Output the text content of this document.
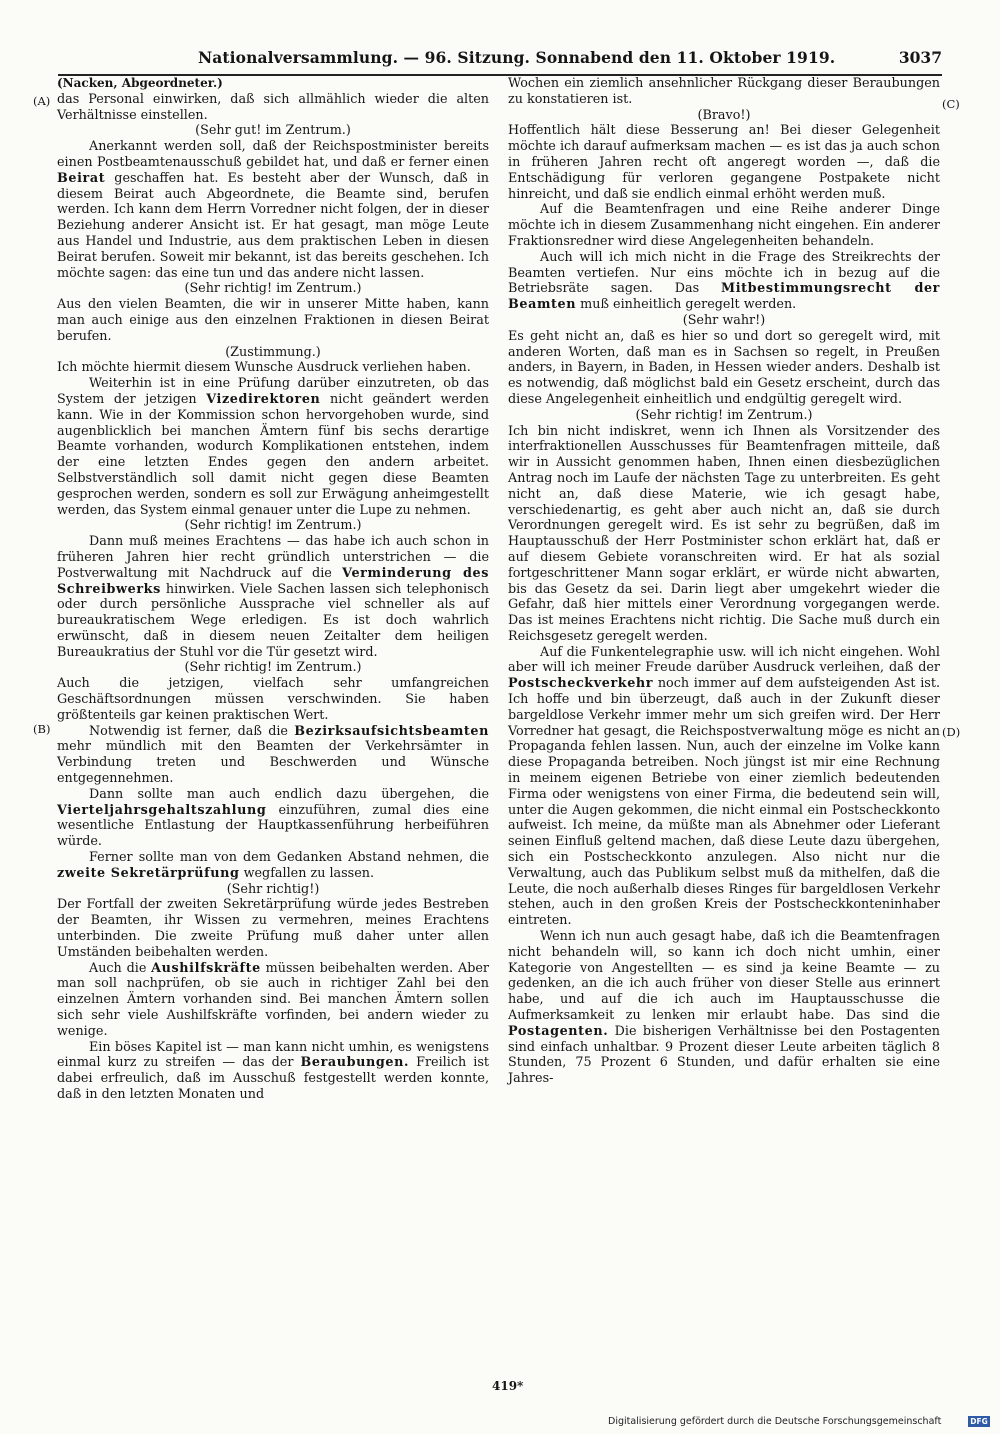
Nationalversammlung. — 96. Sitzung. Sonnabend den 11. Oktober 1919.	3037
(A)
(B)
(C)
(D)

(Nacken, Abgeordneter.)

das Personal einwirken, daß sich allmählich wieder die alten Verhältnisse einstellen.

(Sehr gut! im Zentrum.)

Anerkannt werden soll, daß der Reichspostminister bereits einen Postbeamtenausschuß gebildet hat, und daß er ferner einen Beirat geschaffen hat. Es besteht aber der Wunsch, daß in diesem Beirat auch Abgeordnete, die Beamte sind, berufen werden. Ich kann dem Herrn Vorredner nicht folgen, der in dieser Beziehung anderer Ansicht ist. Er hat gesagt, man möge Leute aus Handel und Industrie, aus dem praktischen Leben in diesen Beirat berufen. Soweit mir bekannt, ist das bereits geschehen. Ich möchte sagen: das eine tun und das andere nicht lassen.

(Sehr richtig! im Zentrum.)

Aus den vielen Beamten, die wir in unserer Mitte haben, kann man auch einige aus den einzelnen Fraktionen in diesen Beirat berufen.

(Zustimmung.)

Ich möchte hiermit diesem Wunsche Ausdruck verliehen haben.

Weiterhin ist in eine Prüfung darüber einzutreten, ob das System der jetzigen Vizedirektoren nicht geändert werden kann. Wie in der Kommission schon hervorgehoben wurde, sind augenblicklich bei manchen Ämtern fünf bis sechs derartige Beamte vorhanden, wodurch Komplikationen entstehen, indem der eine letzten Endes gegen den andern arbeitet. Selbstverständlich soll damit nicht gegen diese Beamten gesprochen werden, sondern es soll zur Erwägung anheimgestellt werden, das System einmal genauer unter die Lupe zu nehmen.

(Sehr richtig! im Zentrum.)

Dann muß meines Erachtens — das habe ich auch schon in früheren Jahren hier recht gründlich unterstrichen — die Postverwaltung mit Nachdruck auf die Verminderung des Schreibwerks hinwirken. Viele Sachen lassen sich telephonisch oder durch persönliche Aussprache viel schneller als auf bureaukratischem Wege erledigen. Es ist doch wahrlich erwünscht, daß in diesem neuen Zeitalter dem heiligen Bureaukratius der Stuhl vor die Tür gesetzt wird.

(Sehr richtig! im Zentrum.)

Auch die jetzigen, vielfach sehr umfangreichen Geschäftsordnungen müssen verschwinden. Sie haben größtenteils gar keinen praktischen Wert.

Notwendig ist ferner, daß die Bezirksaufsichtsbeamten mehr mündlich mit den Beamten der Verkehrsämter in Verbindung treten und Beschwerden und Wünsche entgegennehmen.

Dann sollte man auch endlich dazu übergehen, die Vierteljahrsgehaltszahlung einzuführen, zumal dies eine wesentliche Entlastung der Hauptkassenführung herbeiführen würde.

Ferner sollte man von dem Gedanken Abstand nehmen, die zweite Sekretärprüfung wegfallen zu lassen.

(Sehr richtig!)

Der Fortfall der zweiten Sekretärprüfung würde jedes Bestreben der Beamten, ihr Wissen zu vermehren, meines Erachtens unterbinden. Die zweite Prüfung muß daher unter allen Umständen beibehalten werden.

Auch die Aushilfskräfte müssen beibehalten werden. Aber man soll nachprüfen, ob sie auch in richtiger Zahl bei den einzelnen Ämtern vorhanden sind. Bei manchen Ämtern sollen sich sehr viele Aushilfskräfte vorfinden, bei andern wieder zu wenige.

Ein böses Kapitel ist — man kann nicht umhin, es wenigstens einmal kurz zu streifen — das der Beraubungen. Freilich ist dabei erfreulich, daß im Ausschuß festgestellt werden konnte, daß in den letzten Monaten und

Wochen ein ziemlich ansehnlicher Rückgang dieser Beraubungen zu konstatieren ist.

(Bravo!)

Hoffentlich hält diese Besserung an! Bei dieser Gelegenheit möchte ich darauf aufmerksam machen — es ist das ja auch schon in früheren Jahren recht oft angeregt worden —, daß die Entschädigung für verloren gegangene Postpakete nicht hinreicht, und daß sie endlich einmal erhöht werden muß.

Auf die Beamtenfragen und eine Reihe anderer Dinge möchte ich in diesem Zusammenhang nicht eingehen. Ein anderer Fraktionsredner wird diese Angelegenheiten behandeln.

Auch will ich mich nicht in die Frage des Streikrechts der Beamten vertiefen. Nur eins möchte ich in bezug auf die Betriebsräte sagen. Das Mitbestimmungsrecht der Beamten muß einheitlich geregelt werden.

(Sehr wahr!)

Es geht nicht an, daß es hier so und dort so geregelt wird, mit anderen Worten, daß man es in Sachsen so regelt, in Preußen anders, in Bayern, in Baden, in Hessen wieder anders. Deshalb ist es notwendig, daß möglichst bald ein Gesetz erscheint, durch das diese Angelegenheit einheitlich und endgültig geregelt wird.

(Sehr richtig! im Zentrum.)

Ich bin nicht indiskret, wenn ich Ihnen als Vorsitzender des interfraktionellen Ausschusses für Beamtenfragen mitteile, daß wir in Aussicht genommen haben, Ihnen einen diesbezüglichen Antrag noch im Laufe der nächsten Tage zu unterbreiten. Es geht nicht an, daß diese Materie, wie ich gesagt habe, verschiedenartig, es geht aber auch nicht an, daß sie durch Verordnungen geregelt wird. Es ist sehr zu begrüßen, daß im Hauptausschuß der Herr Postminister schon erklärt hat, daß er auf diesem Gebiete voranschreiten wird. Er hat als sozial fortgeschrittener Mann sogar erklärt, er würde nicht abwarten, bis das Gesetz da sei. Darin liegt aber umgekehrt wieder die Gefahr, daß hier mittels einer Verordnung vorgegangen werde. Das ist meines Erachtens nicht richtig. Die Sache muß durch ein Reichsgesetz geregelt werden.

Auf die Funkentelegraphie usw. will ich nicht eingehen. Wohl aber will ich meiner Freude darüber Ausdruck verleihen, daß der Postscheckverkehr noch immer auf dem aufsteigenden Ast ist. Ich hoffe und bin überzeugt, daß auch in der Zukunft dieser bargeldlose Verkehr immer mehr um sich greifen wird. Der Herr Vorredner hat gesagt, die Reichspostverwaltung möge es nicht an Propaganda fehlen lassen. Nun, auch der einzelne im Volke kann diese Propaganda betreiben. Noch jüngst ist mir eine Rechnung in meinem eigenen Betriebe von einer ziemlich bedeutenden Firma oder wenigstens von einer Firma, die bedeutend sein will, unter die Augen gekommen, die nicht einmal ein Postscheckkonto aufweist. Ich meine, da müßte man als Abnehmer oder Lieferant seinen Einfluß geltend machen, daß diese Leute dazu übergehen, sich ein Postscheckkonto anzulegen. Also nicht nur die Verwaltung, auch das Publikum selbst muß da mithelfen, daß die Leute, die noch außerhalb dieses Ringes für bargeldlosen Verkehr stehen, auch in den großen Kreis der Postscheckkonteninhaber eintreten.

Wenn ich nun auch gesagt habe, daß ich die Beamtenfragen nicht behandeln will, so kann ich doch nicht umhin, einer Kategorie von Angestellten — es sind ja keine Beamte — zu gedenken, an die ich auch früher von dieser Stelle aus erinnert habe, und auf die ich auch im Hauptausschusse die Aufmerksamkeit zu lenken mir erlaubt habe. Das sind die Postagenten. Die bisherigen Verhältnisse bei den Postagenten sind einfach unhaltbar. 9 Prozent dieser Leute arbeiten täglich 8 Stunden, 75 Prozent 6 Stunden, und dafür erhalten sie eine Jahres-

419*
Digitalisierung gefördert durch die Deutsche Forschungsgemeinschaft	DFG
